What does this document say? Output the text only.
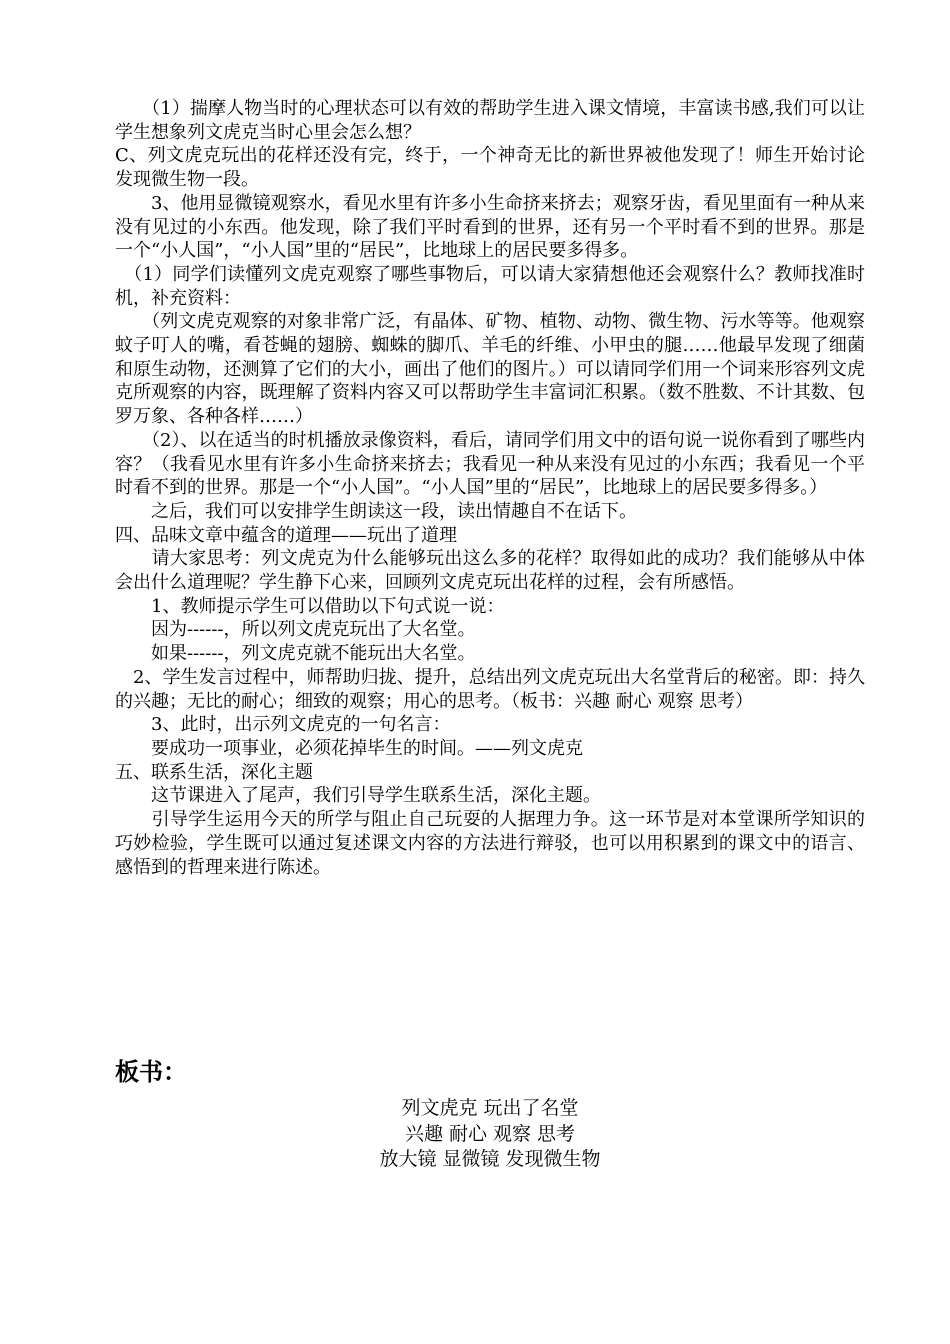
　　（1）揣摩人物当时的心理状态可以有效的帮助学生进入课文情境，丰富读书感,我们可以让学生想象列文虎克当时心里会怎么想？

C、列文虎克玩出的花样还没有完，终于，一个神奇无比的新世界被他发现了！师生开始讨论发现微生物一段。

　　3、他用显微镜观察水，看见水里有许多小生命挤来挤去；观察牙齿，看见里面有一种从来没有见过的小东西。他发现，除了我们平时看到的世界，还有另一个平时看不到的世界。那是一个“小人国”，“小人国”里的“居民”，比地球上的居民要多得多。

　（1）同学们读懂列文虎克观察了哪些事物后，可以请大家猜想他还会观察什么？教师找准时机，补充资料：

　　（列文虎克观察的对象非常广泛，有晶体、矿物、植物、动物、微生物、污水等等。他观察蚊子叮人的嘴，看苍蝇的翅膀、蜘蛛的脚爪、羊毛的纤维、小甲虫的腿……他最早发现了细菌和原生动物，还测算了它们的大小，画出了他们的图片。）可以请同学们用一个词来形容列文虎克所观察的内容，既理解了资料内容又可以帮助学生丰富词汇积累。（数不胜数、不计其数、包罗万象、各种各样……）

　　（2）、以在适当的时机播放录像资料，看后，请同学们用文中的语句说一说你看到了哪些内容？（我看见水里有许多小生命挤来挤去；我看见一种从来没有见过的小东西；我看见一个平时看不到的世界。那是一个“小人国”。“小人国”里的“居民”，比地球上的居民要多得多。）

　　之后，我们可以安排学生朗读这一段，读出情趣自不在话下。

四、品味文章中蕴含的道理——玩出了道理

　　请大家思考：列文虎克为什么能够玩出这么多的花样？取得如此的成功？我们能够从中体会出什么道理呢？学生静下心来，回顾列文虎克玩出花样的过程，会有所感悟。

　　1、教师提示学生可以借助以下句式说一说：

　　因为------，所以列文虎克玩出了大名堂。

　　如果------，列文虎克就不能玩出大名堂。

　2、学生发言过程中，师帮助归拢、提升，总结出列文虎克玩出大名堂背后的秘密。即：持久的兴趣；无比的耐心；细致的观察；用心的思考。（板书：兴趣 耐心 观察 思考）

　　3、此时，出示列文虎克的一句名言：

　　要成功一项事业，必须花掉毕生的时间。——列文虎克

五、联系生活，深化主题

　　这节课进入了尾声，我们引导学生联系生活，深化主题。

　　引导学生运用今天的所学与阻止自己玩耍的人据理力争。这一环节是对本堂课所学知识的巧妙检验，学生既可以通过复述课文内容的方法进行辩驳，也可以用积累到的课文中的语言、感悟到的哲理来进行陈述。

板书：

列文虎克 玩出了名堂
兴趣 耐心 观察 思考
放大镜 显微镜 发现微生物
